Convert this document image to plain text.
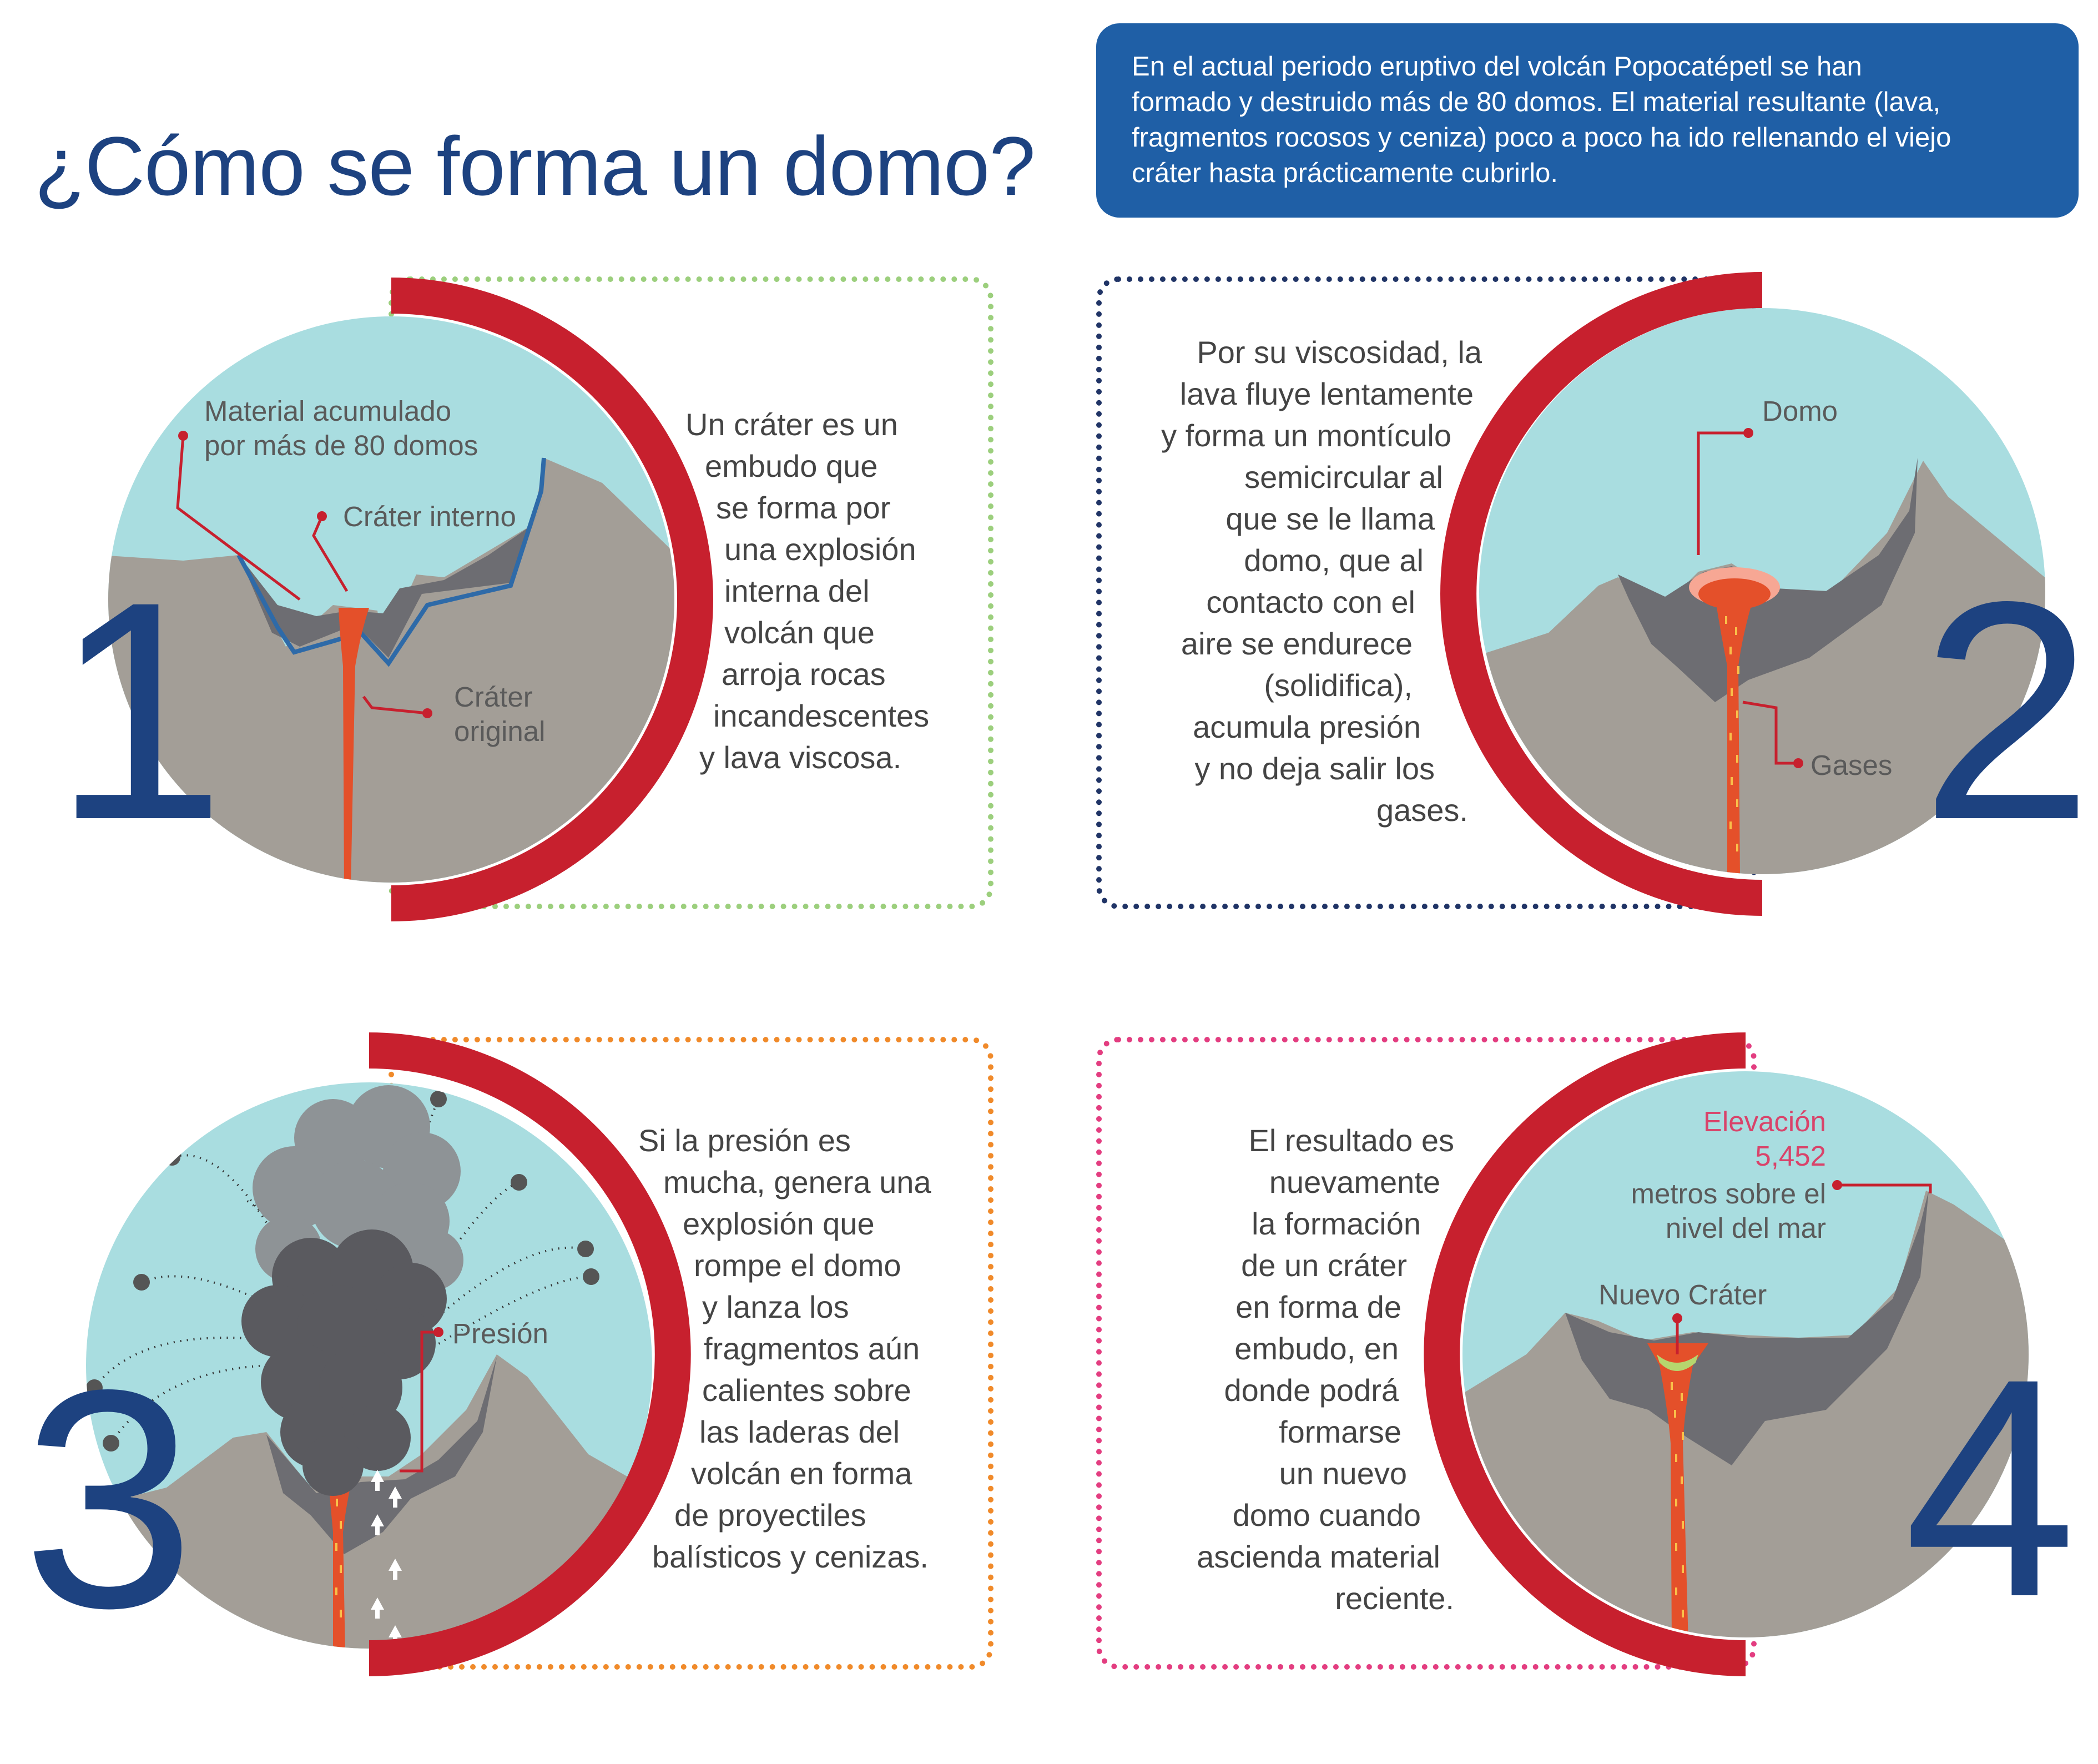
¿Cómo se forma un domo?

En el actual periodo eruptivo del volcán Popocatépetl se han

formado y destruido más de 80 domos. El material resultante (lava,

fragmentos rocosos y ceniza) poco a poco ha ido rellenando el viejo

cráter hasta prácticamente cubrirlo.

1	2
3	4

Un cráter es un

embudo que

se forma por

una explosión

interna del

volcán que

arroja rocas

incandescentes

y lava viscosa.

Por su viscosidad, la

lava fluye lentamente

y forma un montículo

semicircular al

que se le llama

domo, que al

contacto con el

aire se endurece

(solidifica),

acumula presión

y no deja salir los

gases.

Si la presión es

mucha, genera una

explosión que

rompe el domo

y lanza los

fragmentos aún

calientes sobre

las laderas del

volcán en forma

de proyectiles

balísticos y cenizas.

El resultado es

nuevamente

la formación

de un cráter

en forma de

embudo, en

donde podrá

formarse

un nuevo

domo cuando

ascienda material

reciente.

Material acumulado
por más de 80 domos
Cráter interno
Cráter
original
Domo
Gases
Presión
Elevación
5,452
metros sobre el
nivel del mar
Nuevo Cráter
